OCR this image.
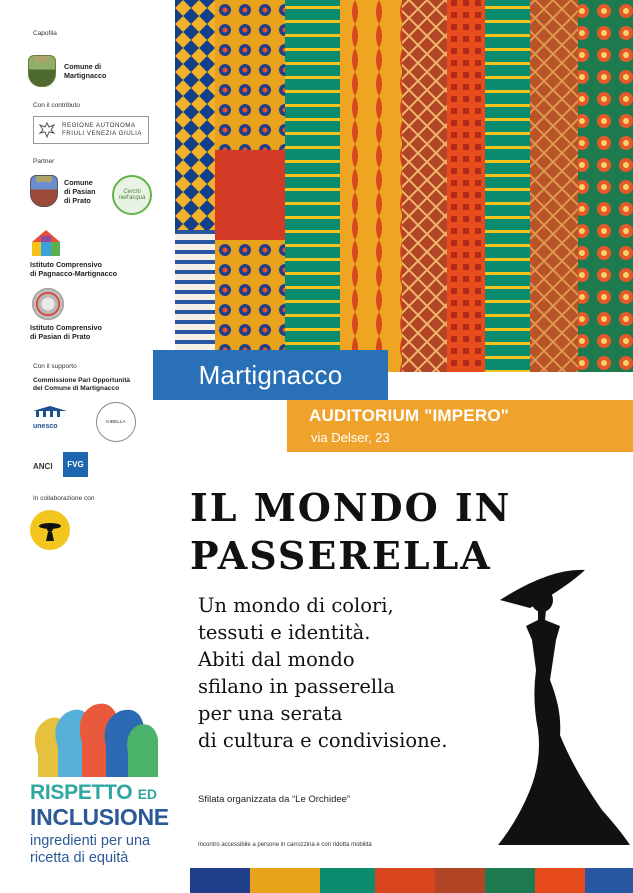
Capofila
Comune di
Martignacco
Con il contributo
REGIONE AUTONOMA
FRIULI VENEZIA GIULIA
Partner
Comune
di Pasian
di Prato
Cerchi
nell'acqua
Istituto Comprensivo
di Pagnacco-Martignacco
Istituto Comprensivo
di Pasian di Prato
Con il supporto
Commissione Pari Opportunità
del Comune di Martignacco
unesco
KIBELLA
ANCI	FVG
In collaborazione con
RISPETTO ED
INCLUSIONE
ingredienti per una
ricetta di equità
Martignacco
AUDITORIUM "IMPERO"
via Delser, 23
IL MONDO IN
PASSERELLA
Un mondo di colori,
tessuti e identità.
Abiti dal mondo
sfilano in passerella
per una serata
di cultura e condivisione.
Sfilata organizzata da “Le Orchidee”
Incontro accessibile a persone in carrozzina e con ridotta mobilità
